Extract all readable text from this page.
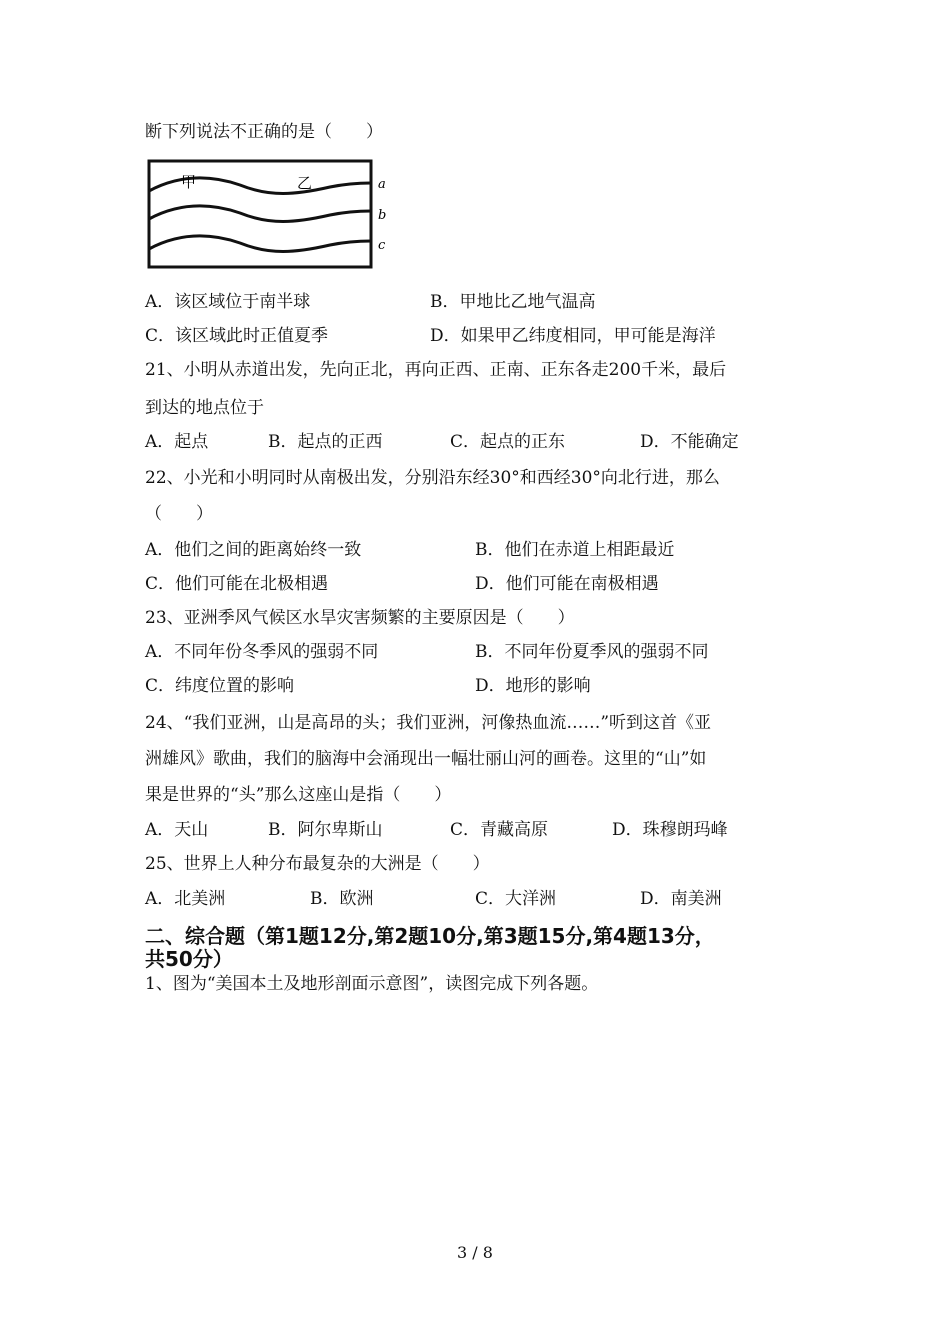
断下列说法不正确的是（　　）
甲	乙	a
b
c
A．该区域位于南半球	B．甲地比乙地气温高
C．该区域此时正值夏季	D．如果甲乙纬度相同，甲可能是海洋
21、小明从赤道出发，先向正北，再向正西、正南、正东各走200千米，最后
到达的地点位于
A．起点	B．起点的正西	C．起点的正东	D．不能确定
22、小光和小明同时从南极出发，分别沿东经30°和西经30°向北行进，那么
（　　）
A．他们之间的距离始终一致	B．他们在赤道上相距最近
C．他们可能在北极相遇	D．他们可能在南极相遇
23、亚洲季风气候区水旱灾害频繁的主要原因是（　　）
A．不同年份冬季风的强弱不同	B．不同年份夏季风的强弱不同
C．纬度位置的影响	D．地形的影响
24、“我们亚洲，山是高昂的头；我们亚洲，河像热血流……”听到这首《亚
洲雄风》歌曲，我们的脑海中会涌现出一幅壮丽山河的画卷。这里的“山”如
果是世界的“头”那么这座山是指（　　）
A．天山	B．阿尔卑斯山	C．青藏高原	D．珠穆朗玛峰
25、世界上人种分布最复杂的大洲是（　　）
A．北美洲	B．欧洲	C．大洋洲	D．南美洲
二、综合题（第1题12分,第2题10分,第3题15分,第4题13分，
共50分）
1、图为“美国本土及地形剖面示意图”，读图完成下列各题。
3 / 8
